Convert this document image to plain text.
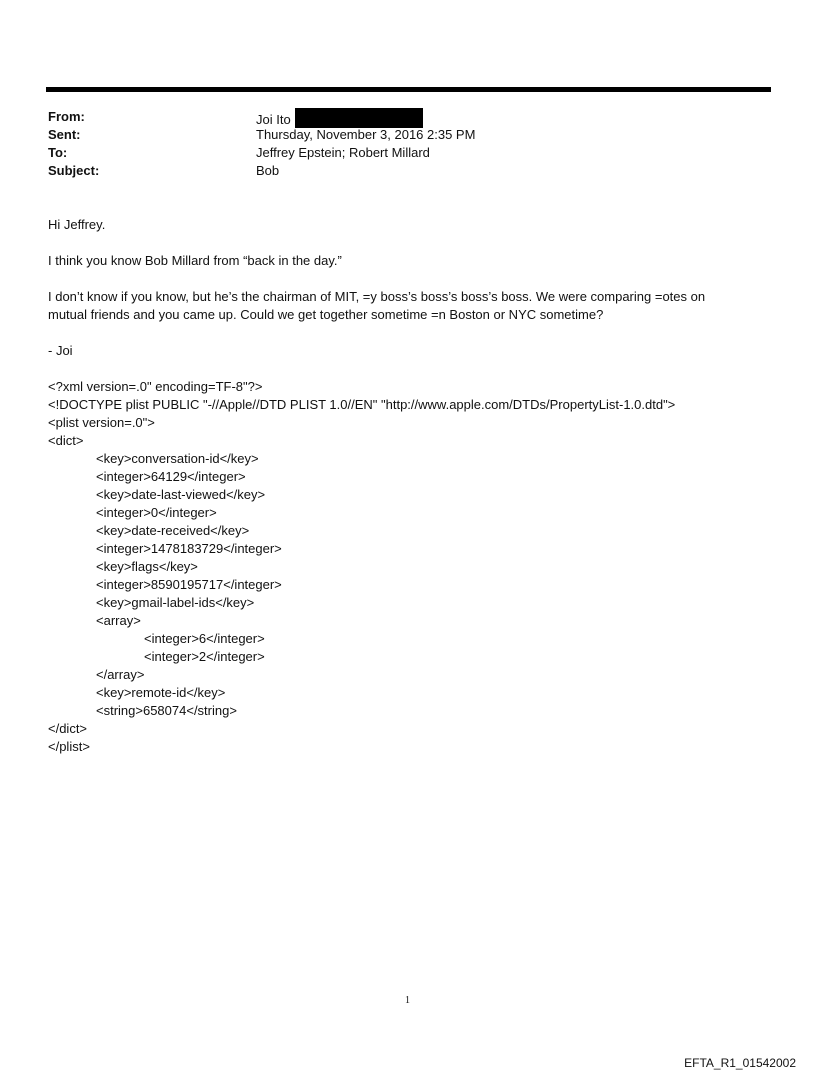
From:	Joi Ito
Sent:	Thursday, November 3, 2016 2:35 PM
To:	Jeffrey Epstein; Robert Millard
Subject:	Bob
Hi Jeffrey.
I think you know Bob Millard from “back in the day.”
I don’t know if you know, but he’s the chairman of MIT, =y boss’s boss’s boss’s boss. We were comparing =otes on
mutual friends and you came up. Could we get together sometime =n Boston or NYC sometime?
- Joi
<?xml version=.0" encoding=TF-8"?>
<!DOCTYPE plist PUBLIC "-//Apple//DTD PLIST 1.0//EN" "http://www.apple.com/DTDs/PropertyList-1.0.dtd">
<plist version=.0">
<dict>
<key>conversation-id</key>
<integer>64129</integer>
<key>date-last-viewed</key>
<integer>0</integer>
<key>date-received</key>
<integer>1478183729</integer>
<key>flags</key>
<integer>8590195717</integer>
<key>gmail-label-ids</key>
<array>
<integer>6</integer>
<integer>2</integer>
</array>
<key>remote-id</key>
<string>658074</string>
</dict>
</plist>
1
EFTA_R1_01542002
